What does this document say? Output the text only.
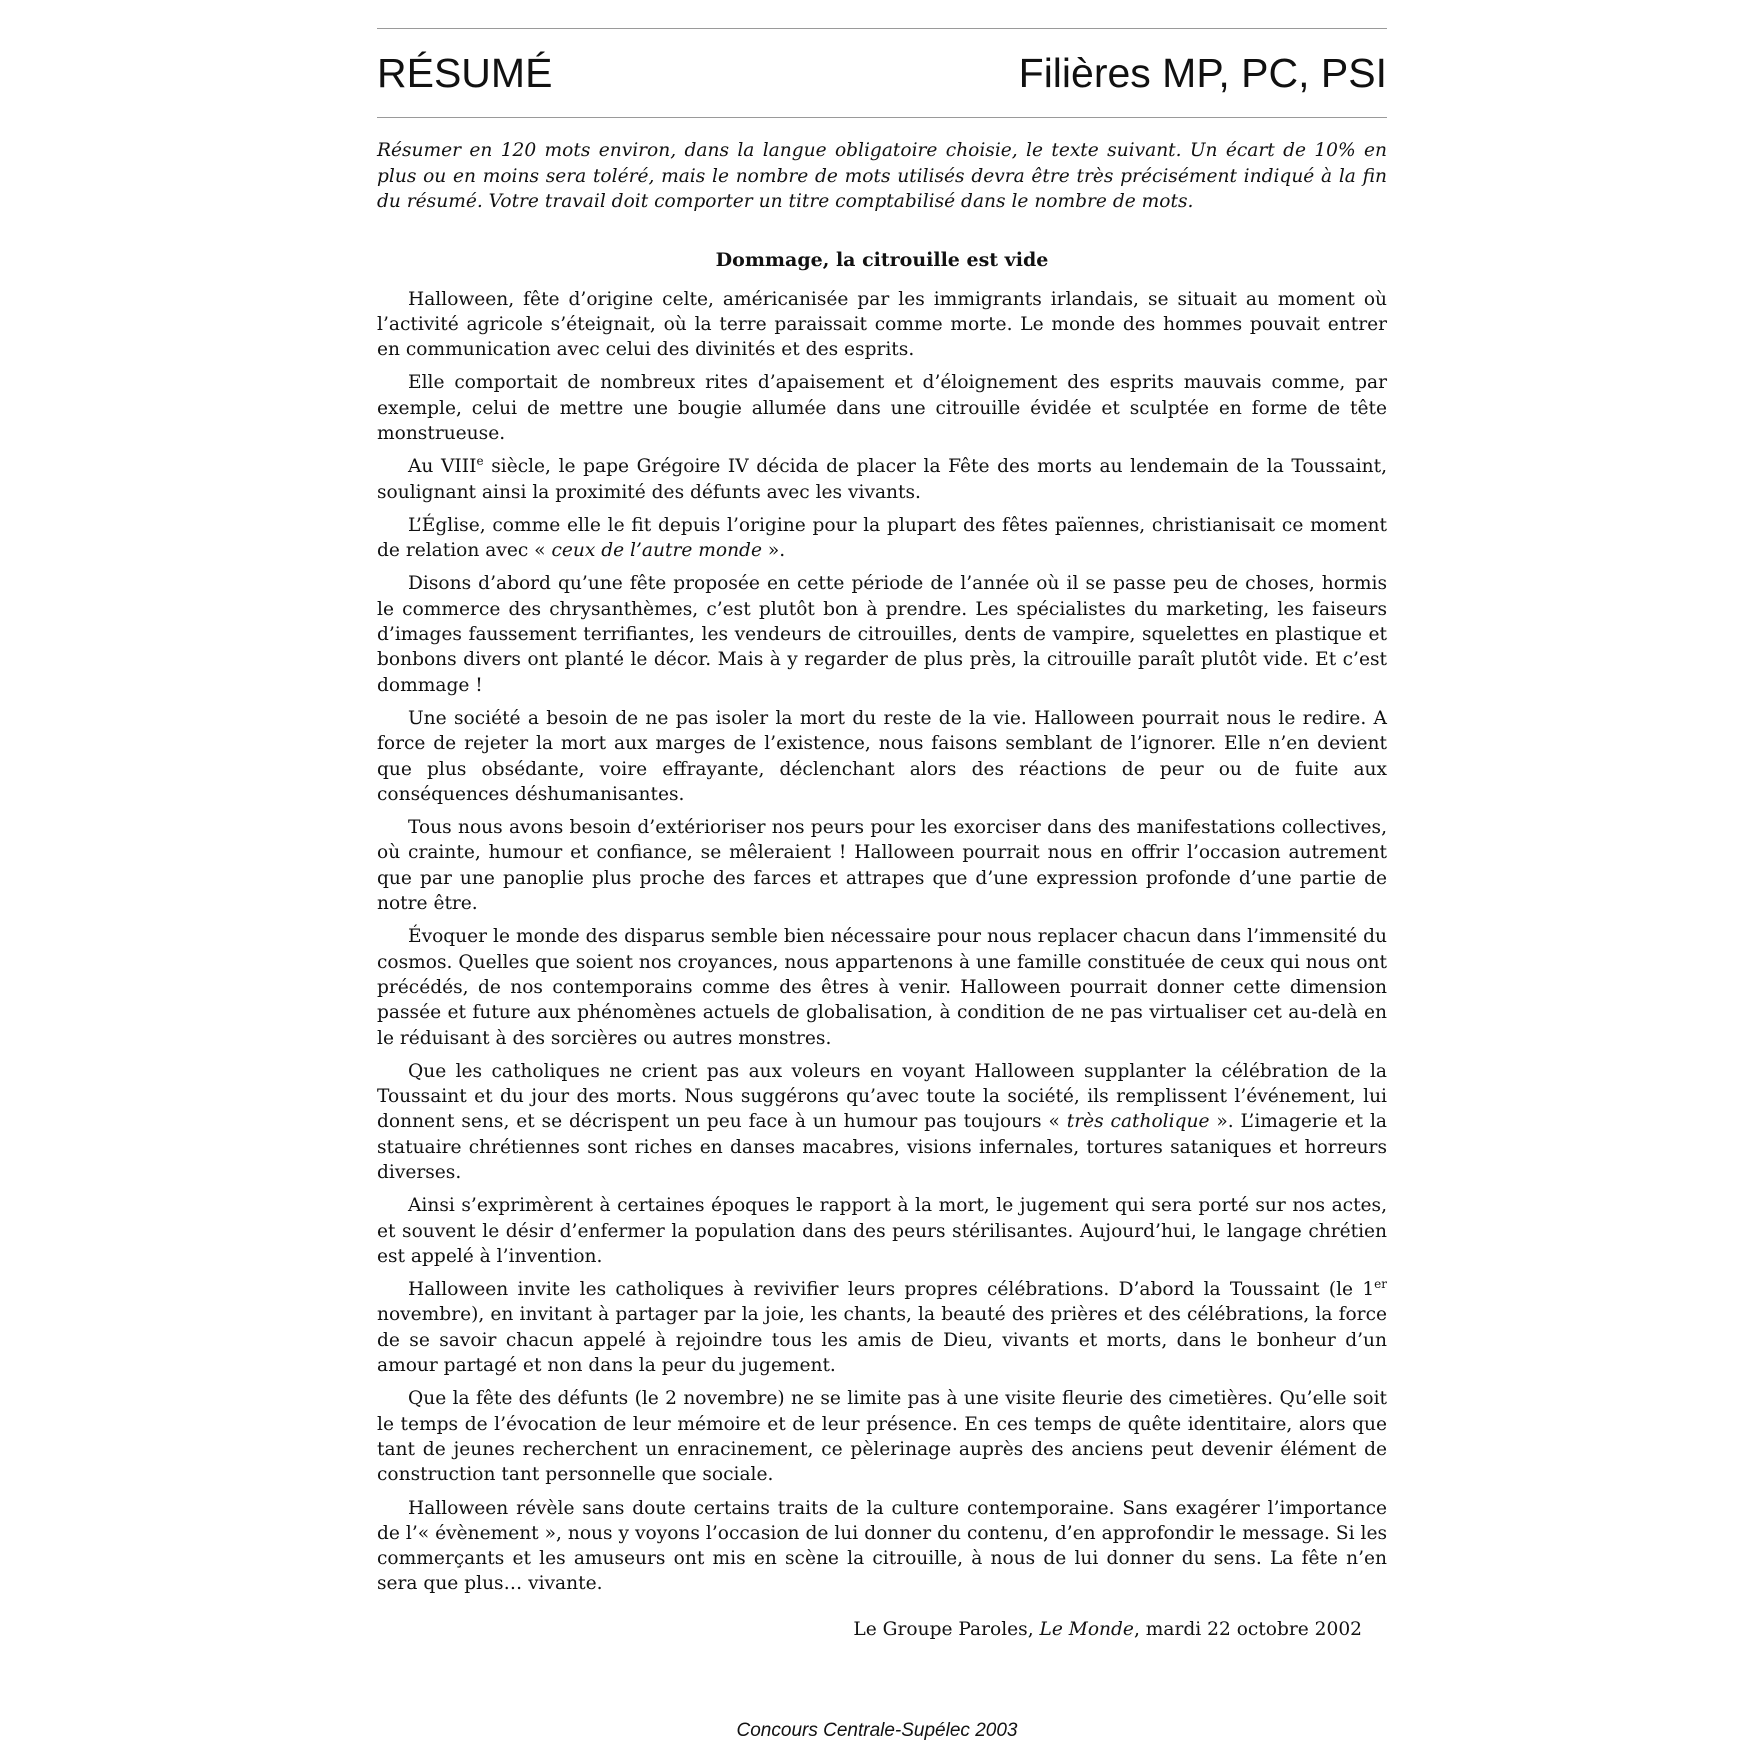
RÉSUMÉ	Filières MP, PC, PSI

Résumer en 120 mots environ, dans la langue obligatoire choisie, le texte suivant. Un écart de 10% en plus ou en moins sera toléré, mais le nombre de mots utilisés devra être très précisément indiqué à la fin du résumé. Votre travail doit comporter un titre comptabilisé dans le nombre de mots.

Dommage, la citrouille est vide

Halloween, fête d’origine celte, américanisée par les immigrants irlandais, se situait au moment où l’activité agricole s’éteignait, où la terre paraissait comme morte. Le monde des hommes pouvait entrer en communication avec celui des divinités et des esprits.

Elle comportait de nombreux rites d’apaisement et d’éloignement des esprits mauvais comme, par exemple, celui de mettre une bougie allumée dans une citrouille évidée et sculptée en forme de tête monstrueuse.

Au VIIIe siècle, le pape Grégoire IV décida de placer la Fête des morts au lendemain de la Toussaint, soulignant ainsi la proximité des défunts avec les vivants.

L’Église, comme elle le fit depuis l’origine pour la plupart des fêtes païennes, christianisait ce moment de relation avec « ceux de l’autre monde ».

Disons d’abord qu’une fête proposée en cette période de l’année où il se passe peu de choses, hormis le commerce des chrysanthèmes, c’est plutôt bon à prendre. Les spécialistes du marketing, les faiseurs d’images faussement terrifiantes, les vendeurs de citrouilles, dents de vampire, squelettes en plastique et bonbons divers ont planté le décor. Mais à y regarder de plus près, la citrouille paraît plutôt vide. Et c’est dommage !

Une société a besoin de ne pas isoler la mort du reste de la vie. Halloween pourrait nous le redire. A force de rejeter la mort aux marges de l’existence, nous faisons semblant de l’ignorer. Elle n’en devient que plus obsédante, voire effrayante, déclenchant alors des réactions de peur ou de fuite aux conséquences déshumanisantes.

Tous nous avons besoin d’extérioriser nos peurs pour les exorciser dans des manifestations collectives, où crainte, humour et confiance, se mêleraient ! Halloween pourrait nous en offrir l’occasion autrement que par une panoplie plus proche des farces et attrapes que d’une expression profonde d’une partie de notre être.

Évoquer le monde des disparus semble bien nécessaire pour nous replacer chacun dans l’immensité du cosmos. Quelles que soient nos croyances, nous appartenons à une famille constituée de ceux qui nous ont précédés, de nos contemporains comme des êtres à venir. Halloween pourrait donner cette dimension passée et future aux phénomènes actuels de globalisation, à condition de ne pas virtualiser cet au-delà en le réduisant à des sorcières ou autres monstres.

Que les catholiques ne crient pas aux voleurs en voyant Halloween supplanter la célébration de la Toussaint et du jour des morts. Nous suggérons qu’avec toute la société, ils remplissent l’événement, lui donnent sens, et se décrispent un peu face à un humour pas toujours « très catholique ». L’imagerie et la statuaire chrétiennes sont riches en danses macabres, visions infernales, tortures sataniques et horreurs diverses.

Ainsi s’exprimèrent à certaines époques le rapport à la mort, le jugement qui sera porté sur nos actes, et souvent le désir d’enfermer la population dans des peurs stérilisantes. Aujourd’hui, le langage chrétien est appelé à l’invention.

Halloween invite les catholiques à revivifier leurs propres célébrations. D’abord la Toussaint (le 1er novembre), en invitant à partager par la joie, les chants, la beauté des prières et des célébrations, la force de se savoir chacun appelé à rejoindre tous les amis de Dieu, vivants et morts, dans le bonheur d’un amour partagé et non dans la peur du jugement.

Que la fête des défunts (le 2 novembre) ne se limite pas à une visite fleurie des cimetières. Qu’elle soit le temps de l’évocation de leur mémoire et de leur présence. En ces temps de quête identitaire, alors que tant de jeunes recherchent un enracinement, ce pèlerinage auprès des anciens peut devenir élément de construction tant personnelle que sociale.

Halloween révèle sans doute certains traits de la culture contemporaine. Sans exagérer l’importance de l’« évènement », nous y voyons l’occasion de lui donner du contenu, d’en approfondir le message. Si les commerçants et les amuseurs ont mis en scène la citrouille, à nous de lui donner du sens. La fête n’en sera que plus… vivante.

Le Groupe Paroles, Le Monde, mardi 22 octobre 2002
Concours Centrale-Supélec 2003
